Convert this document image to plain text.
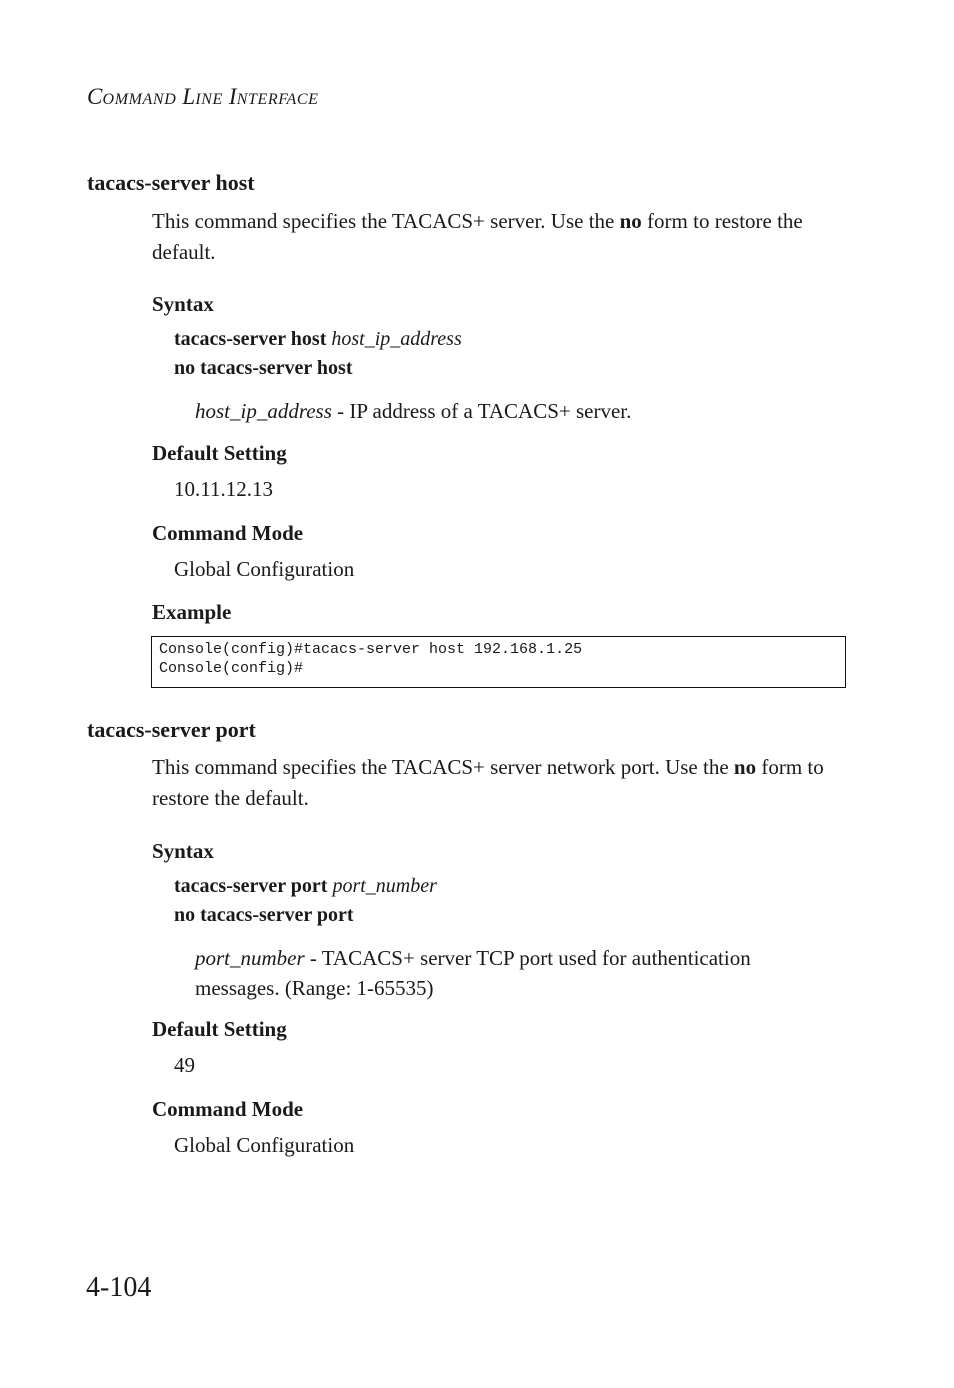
COMMAND LINE INTERFACE
tacacs-server host
This command specifies the TACACS+ server. Use the no form to restore the default.
Syntax
tacacs-server host host_ip_address
no tacacs-server host
host_ip_address - IP address of a TACACS+ server.
Default Setting
10.11.12.13
Command Mode
Global Configuration
Example
Console(config)#tacacs-server host 192.168.1.25
Console(config)#
tacacs-server port
This command specifies the TACACS+ server network port. Use the no form to restore the default.
Syntax
tacacs-server port port_number
no tacacs-server port
port_number - TACACS+ server TCP port used for authentication messages. (Range: 1-65535)
Default Setting
49
Command Mode
Global Configuration
4-104
